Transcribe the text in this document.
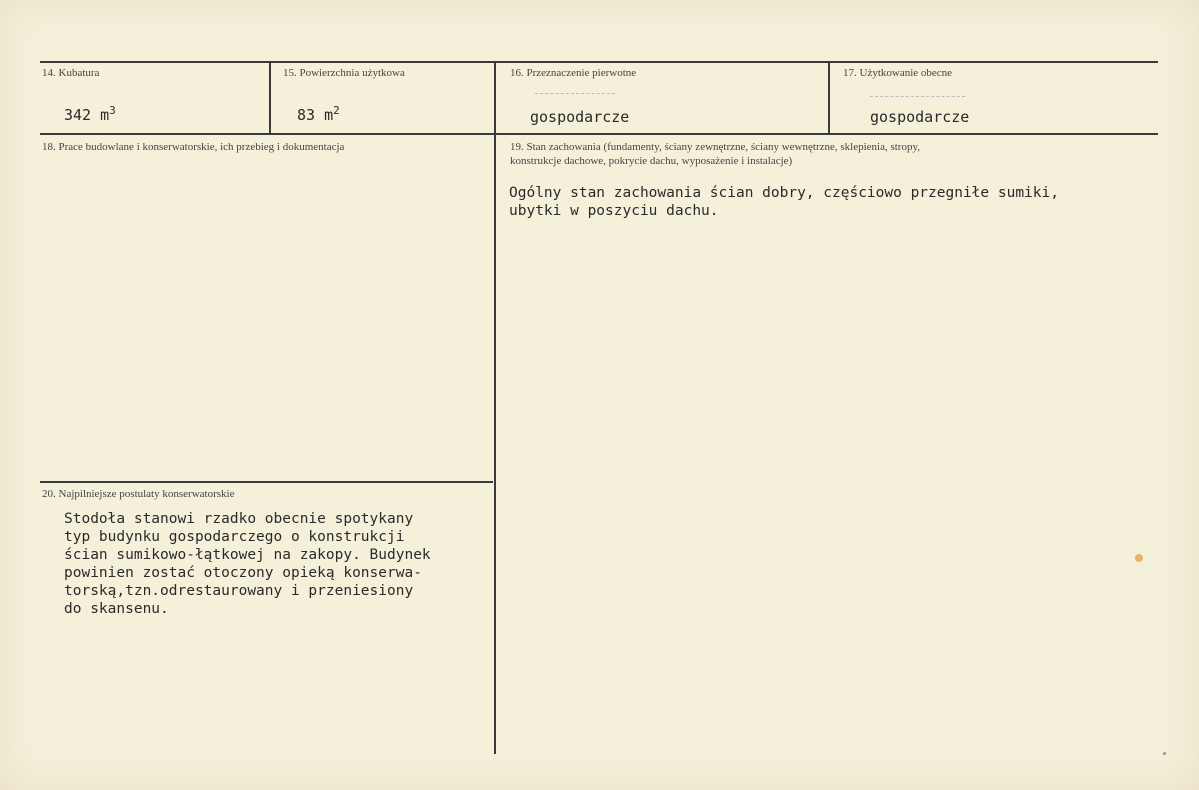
14. Kubatura
342 $m^3$
15. Powierzchnia użytkowa
83 $m^2$
16. Przeznaczenie pierwotne
gospodarcze
17. Użytkowanie obecne
gospodarcze
18. Prace budowlane i konserwatorskie, ich przebieg i dokumentacja	19. Stan zachowania (fundamenty, ściany zewnętrzne, ściany wewnętrzne, sklepienia, stropy,
konstrukcje dachowe, pokrycie dachu, wyposażenie i instalacje)
Ogólny stan zachowania ścian dobry, częściowo przegniłe sumiki,
ubytki w poszyciu dachu.
20. Najpilniejsze postulaty konserwatorskie
Stodoła stanowi rzadko obecnie spotykany
typ budynku gospodarczego o konstrukcji
ścian sumikowo-łątkowej na zakopy. Budynek
powinien zostać otoczony opieką konserwa-
torską,tzn.odrestaurowany i przeniesiony
do skansenu.
